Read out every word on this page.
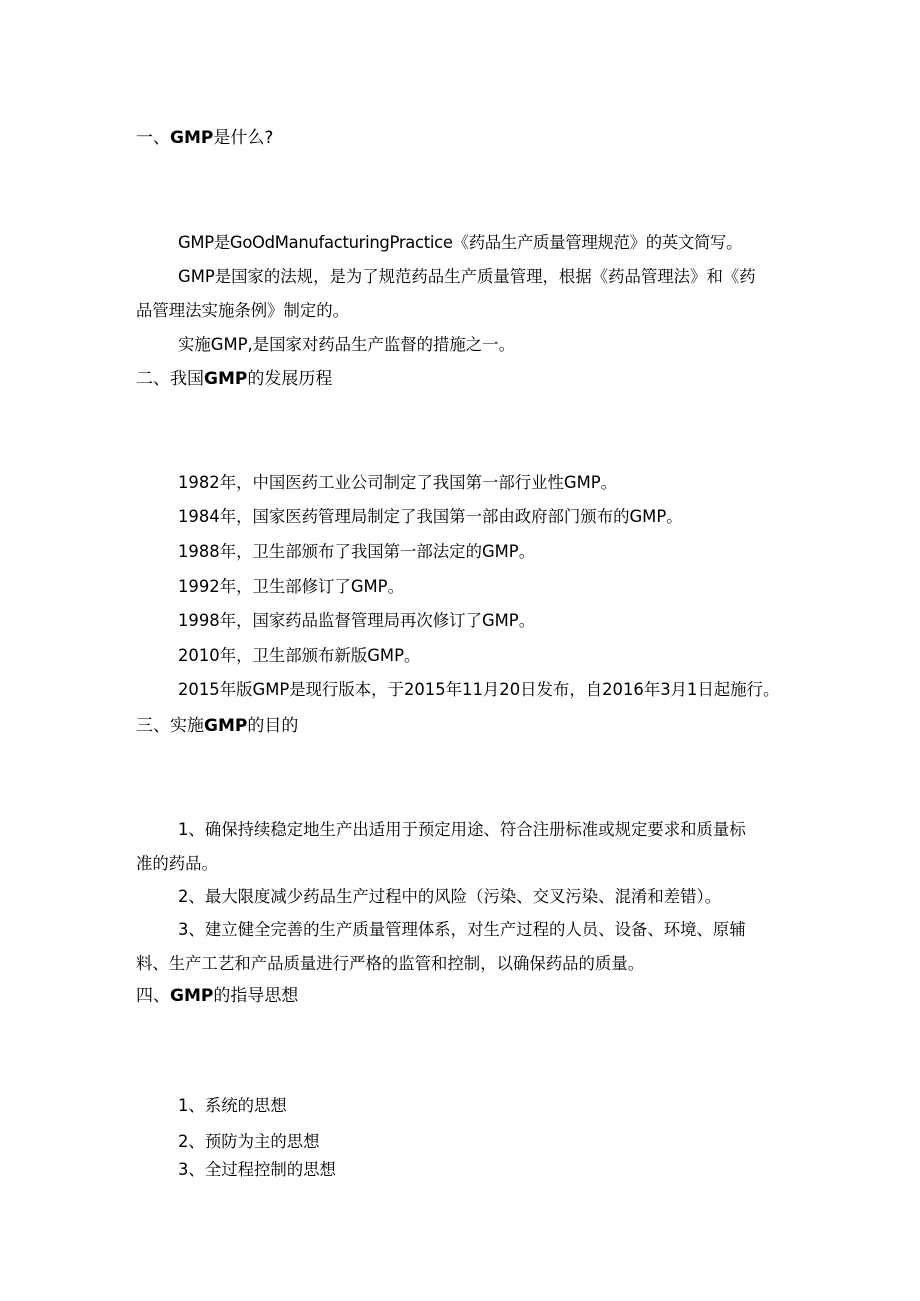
一、GMP是什么?
GMP是GoOdManufacturingPractice《药品生产质量管理规范》的英文简写。
GMP是国家的法规，是为了规范药品生产质量管理，根据《药品管理法》和《药
品管理法实施条例》制定的。
实施GMP,是国家对药品生产监督的措施之一。
二、我国GMP的发展历程
1982年，中国医药工业公司制定了我国第一部行业性GMP。
1984年，国家医药管理局制定了我国第一部由政府部门颁布的GMP。
1988年，卫生部颁布了我国第一部法定的GMP。
1992年，卫生部修订了GMP。
1998年，国家药品监督管理局再次修订了GMP。
2010年，卫生部颁布新版GMP。
2015年版GMP是现行版本，于2015年11月20日发布，自2016年3月1日起施行。
三、实施GMP的目的
1、确保持续稳定地生产出适用于预定用途、符合注册标准或规定要求和质量标
准的药品。
2、最大限度减少药品生产过程中的风险（污染、交叉污染、混淆和差错）。
3、建立健全完善的生产质量管理体系，对生产过程的人员、设备、环境、原辅
料、生产工艺和产品质量进行严格的监管和控制，以确保药品的质量。
四、GMP的指导思想
1、系统的思想
2、预防为主的思想
3、全过程控制的思想
